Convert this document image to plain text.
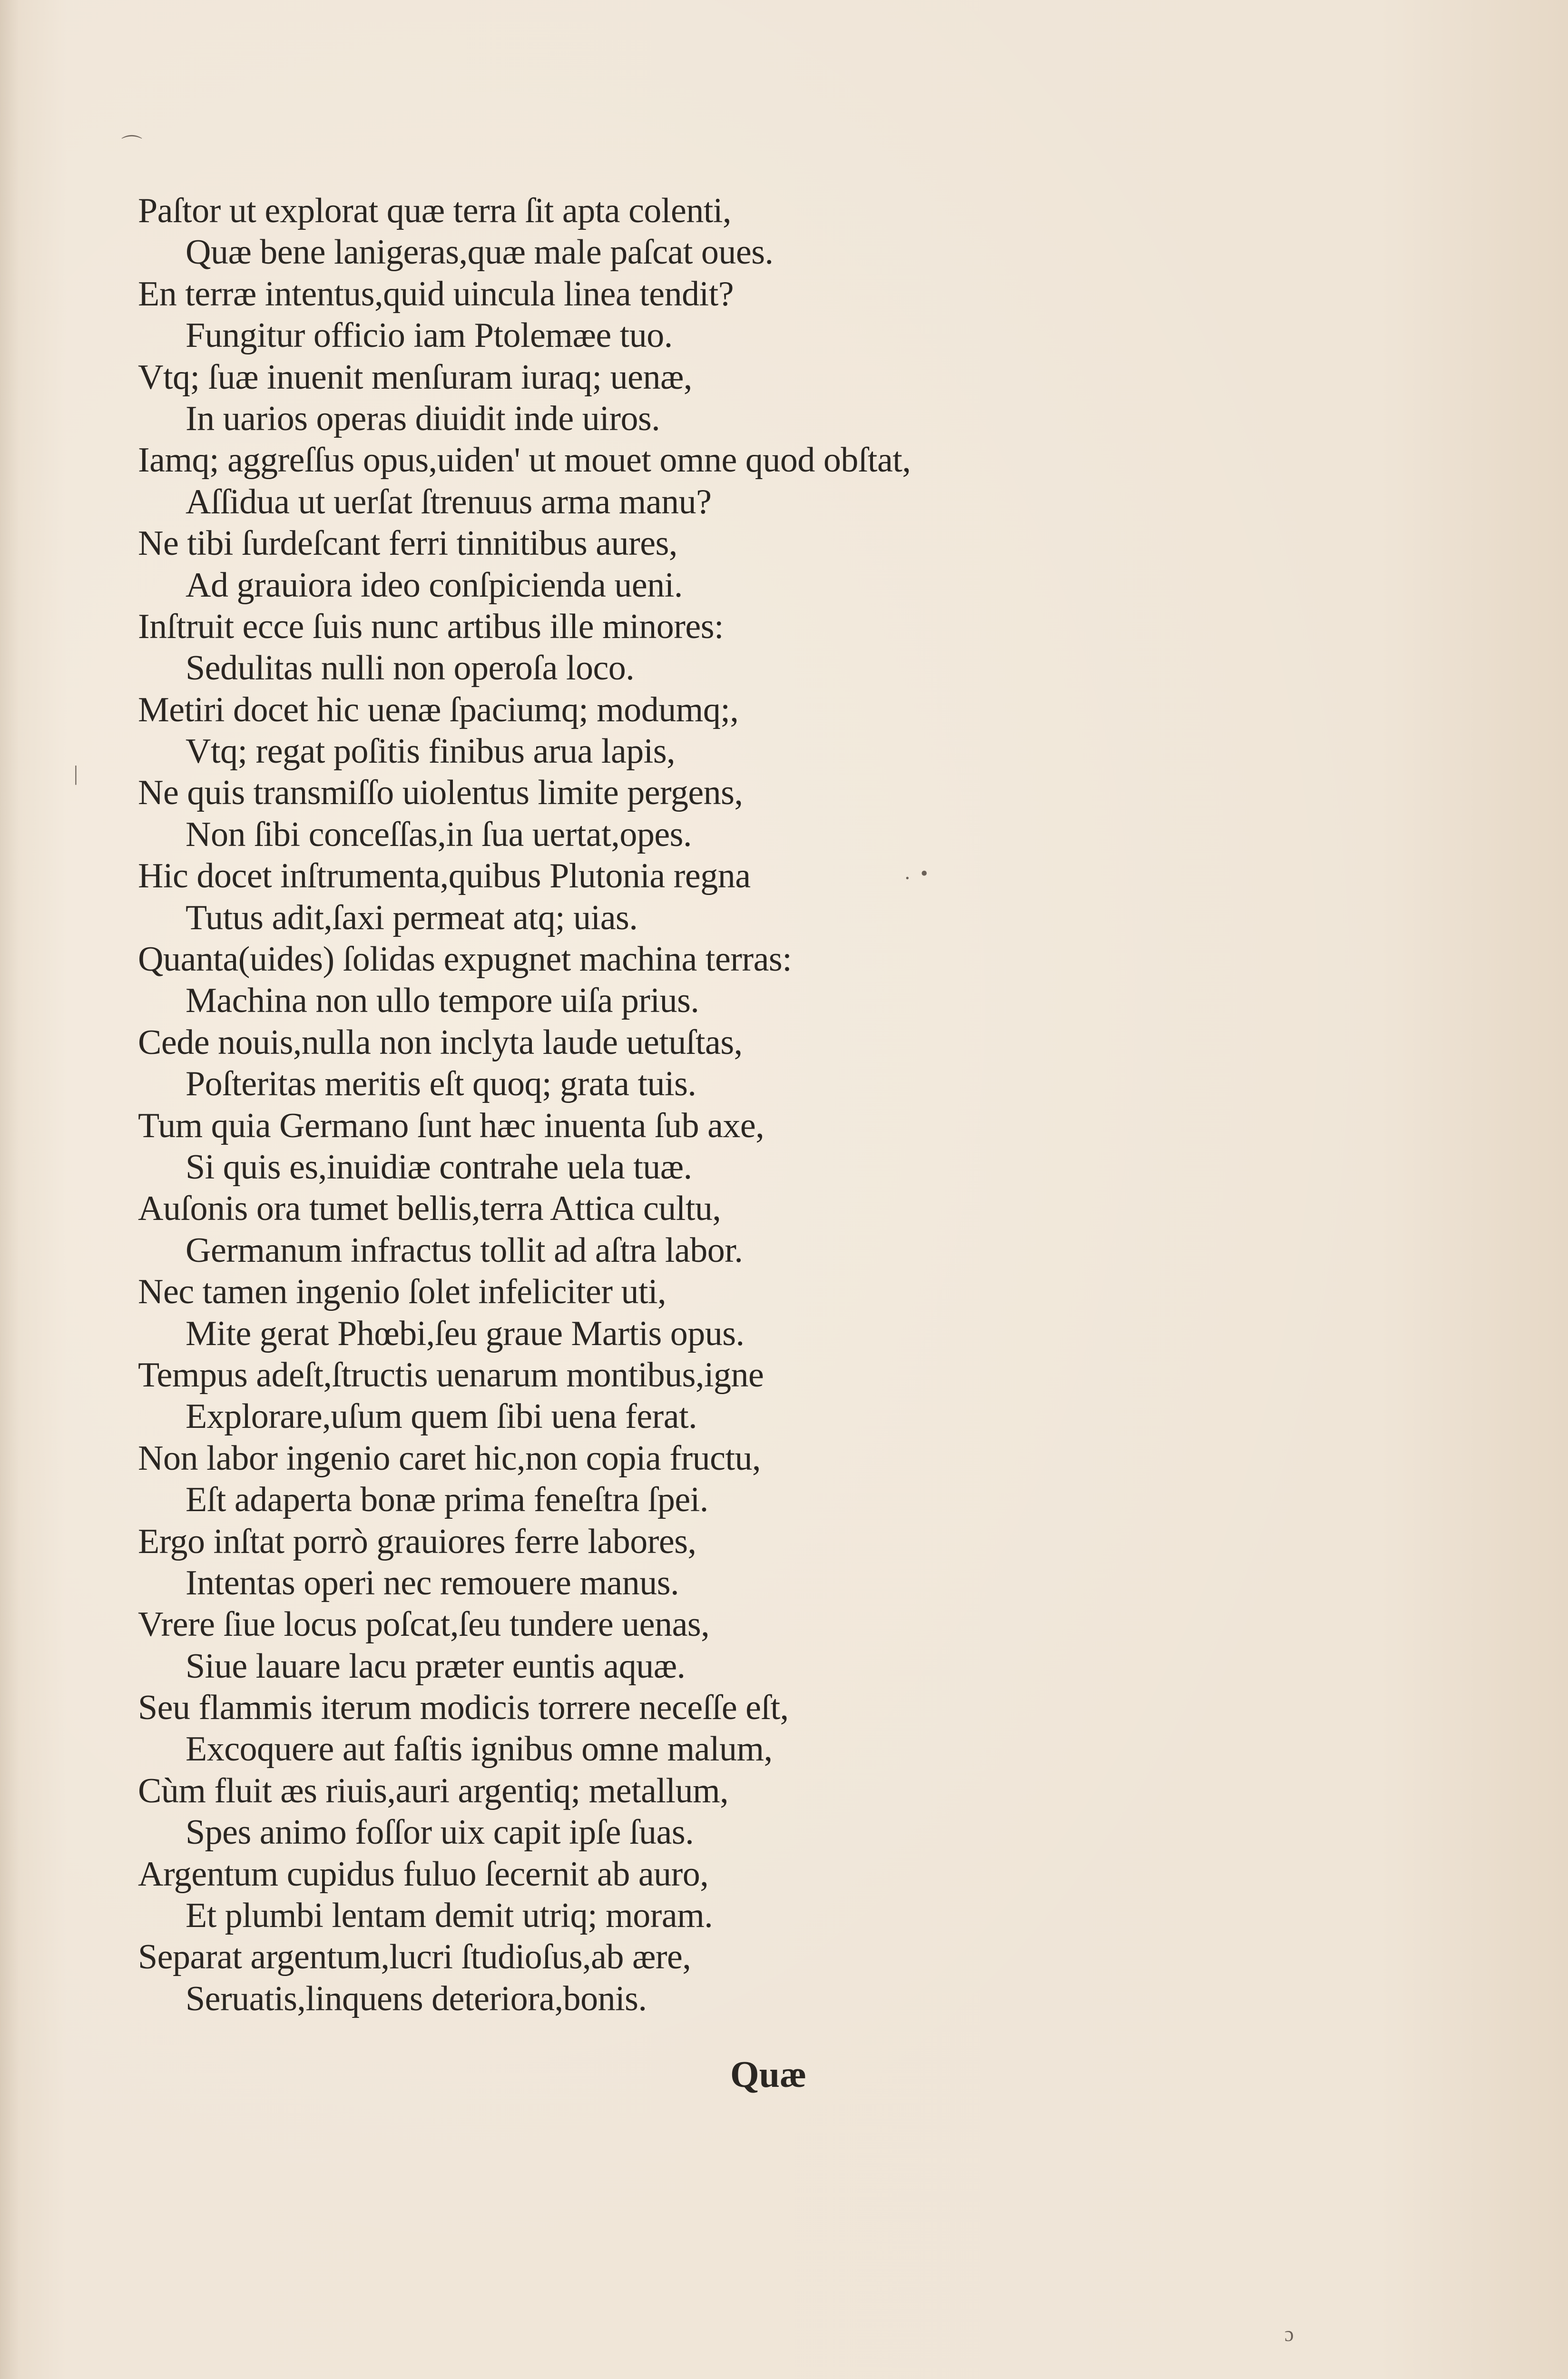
Paſtor ut explorat quæ terra ſit apta colenti,
Quæ bene lanigeras,quæ male paſcat oues.
En terræ intentus,quid uincula linea tendit?
Fungitur officio iam Ptolemæe tuo.
Vtq; ſuæ inuenit menſuram iuraq; uenæ,
In uarios operas diuidit inde uiros.
Iamq; aggreſſus opus,uiden' ut mouet omne quod obſtat,
Aſſidua ut uerſat ſtrenuus arma manu?
Ne tibi ſurdeſcant ferri tinnitibus aures,
Ad grauiora ideo conſpicienda ueni.
Inſtruit ecce ſuis nunc artibus ille minores:
Sedulitas nulli non operoſa loco.
Metiri docet hic uenæ ſpaciumq; modumq;,
Vtq; regat poſitis finibus arua lapis,
Ne quis transmiſſo uiolentus limite pergens,
Non ſibi conceſſas,in ſua uertat,opes.
Hic docet inſtrumenta,quibus Plutonia regna
Tutus adit,ſaxi permeat atq; uias.
Quanta(uides) ſolidas expugnet machina terras:
Machina non ullo tempore uiſa prius.
Cede nouis,nulla non inclyta laude uetuſtas,
Poſteritas meritis eſt quoq; grata tuis.
Tum quia Germano ſunt hæc inuenta ſub axe,
Si quis es,inuidiæ contrahe uela tuæ.
Auſonis ora tumet bellis,terra Attica cultu,
Germanum infractus tollit ad aſtra labor.
Nec tamen ingenio ſolet infeliciter uti,
Mite gerat Phœbi,ſeu graue Martis opus.
Tempus adeſt,ſtructis uenarum montibus,igne
Explorare,uſum quem ſibi uena ferat.
Non labor ingenio caret hic,non copia fructu,
Eſt adaperta bonæ prima feneſtra ſpei.
Ergo inſtat porrò grauiores ferre labores,
Intentas operi nec remouere manus.
Vrere ſiue locus poſcat,ſeu tundere uenas,
Siue lauare lacu præter euntis aquæ.
Seu flammis iterum modicis torrere neceſſe eſt,
Excoquere aut faſtis ignibus omne malum,
Cùm fluit æs riuis,auri argentiq; metallum,
Spes animo foſſor uix capit ipſe ſuas.
Argentum cupidus fuluo ſecernit ab auro,
Et plumbi lentam demit utriq; moram.
Separat argentum,lucri ſtudioſus,ab ære,
Seruatis,linquens deteriora,bonis.
Quæ
⌒
· •
|
ɔ
